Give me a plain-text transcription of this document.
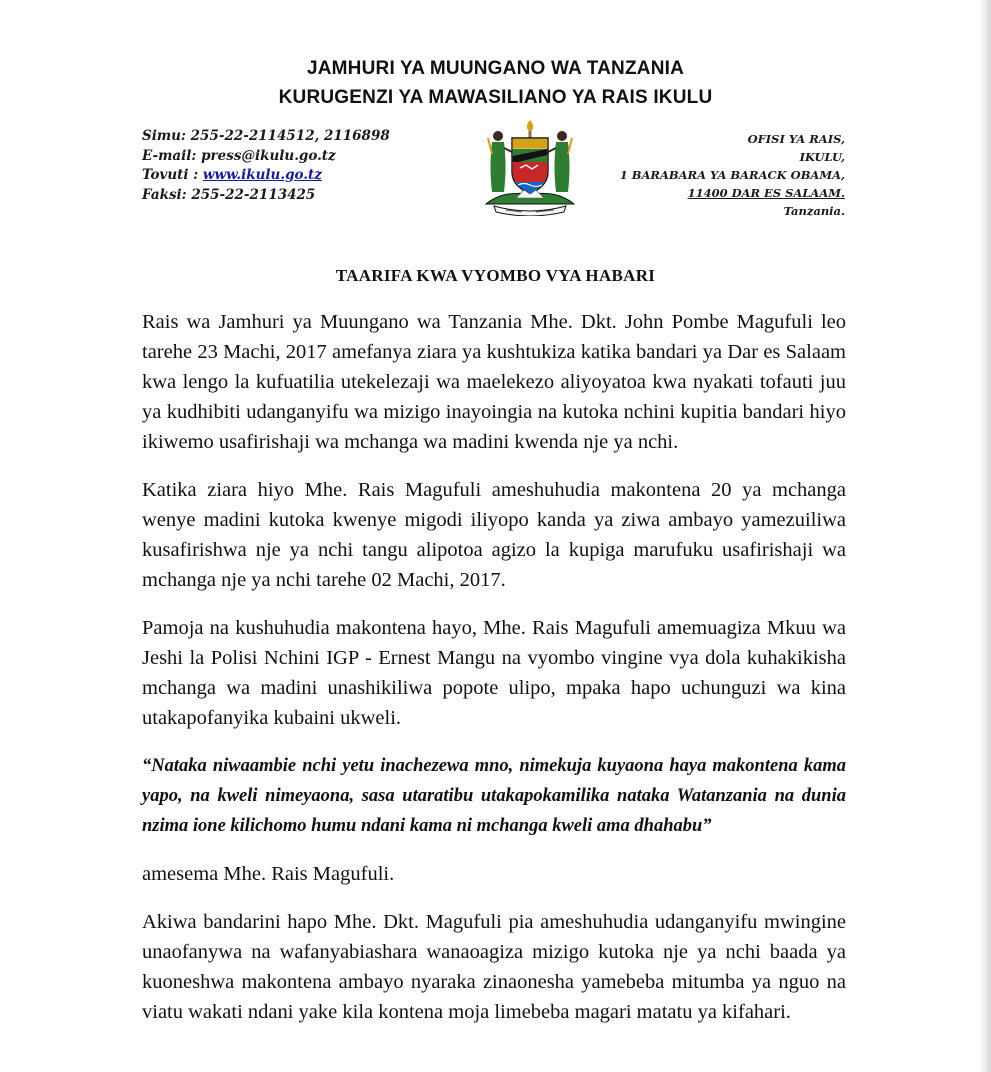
JAMHURI YA MUUNGANO WA TANZANIA
KURUGENZI YA MAWASILIANO YA RAIS IKULU
Simu: 255-22-2114512, 2116898
E-mail: press@ikulu.go.tz
Tovuti : www.ikulu.go.tz
Faksi: 255-22-2113425
OFISI YA RAIS,
IKULU,
1 BARABARA YA BARACK OBAMA,
11400 DAR ES SALAAM.
Tanzania.
TAARIFA KWA VYOMBO VYA HABARI

Rais wa Jamhuri ya Muungano wa Tanzania Mhe. Dkt. John Pombe Magufuli leo tarehe 23 Machi, 2017 amefanya ziara ya kushtukiza katika bandari ya Dar es Salaam kwa lengo la kufuatilia utekelezaji wa maelekezo aliyoyatoa kwa nyakati tofauti juu ya kudhibiti udanganyifu wa mizigo inayoingia na kutoka nchini kupitia bandari hiyo ikiwemo usafirishaji wa mchanga wa madini kwenda nje ya nchi.

Katika ziara hiyo Mhe. Rais Magufuli ameshuhudia makontena 20 ya mchanga wenye madini kutoka kwenye migodi iliyopo kanda ya ziwa ambayo yamezuiliwa kusafirishwa nje ya nchi tangu alipotoa agizo la kupiga marufuku usafirishaji wa mchanga nje ya nchi tarehe 02 Machi, 2017.

Pamoja na kushuhudia makontena hayo, Mhe. Rais Magufuli amemuagiza Mkuu wa Jeshi la Polisi Nchini IGP - Ernest Mangu na vyombo vingine vya dola kuhakikisha mchanga wa madini unashikiliwa popote ulipo, mpaka hapo uchunguzi wa kina utakapofanyika kubaini ukweli.

“Nataka niwaambie nchi yetu inachezewa mno, nimekuja kuyaona haya makontena kama yapo, na kweli nimeyaona, sasa utaratibu utakapokamilika nataka Watanzania na dunia nzima ione kilichomo humu ndani kama ni mchanga kweli ama dhahabu”

amesema Mhe. Rais Magufuli.

Akiwa bandarini hapo Mhe. Dkt. Magufuli pia ameshuhudia udanganyifu mwingine unaofanywa na wafanyabiashara wanaoagiza mizigo kutoka nje ya nchi baada ya kuoneshwa makontena ambayo nyaraka zinaonesha yamebeba mitumba ya nguo na viatu wakati ndani yake kila kontena moja limebeba magari matatu ya kifahari.
